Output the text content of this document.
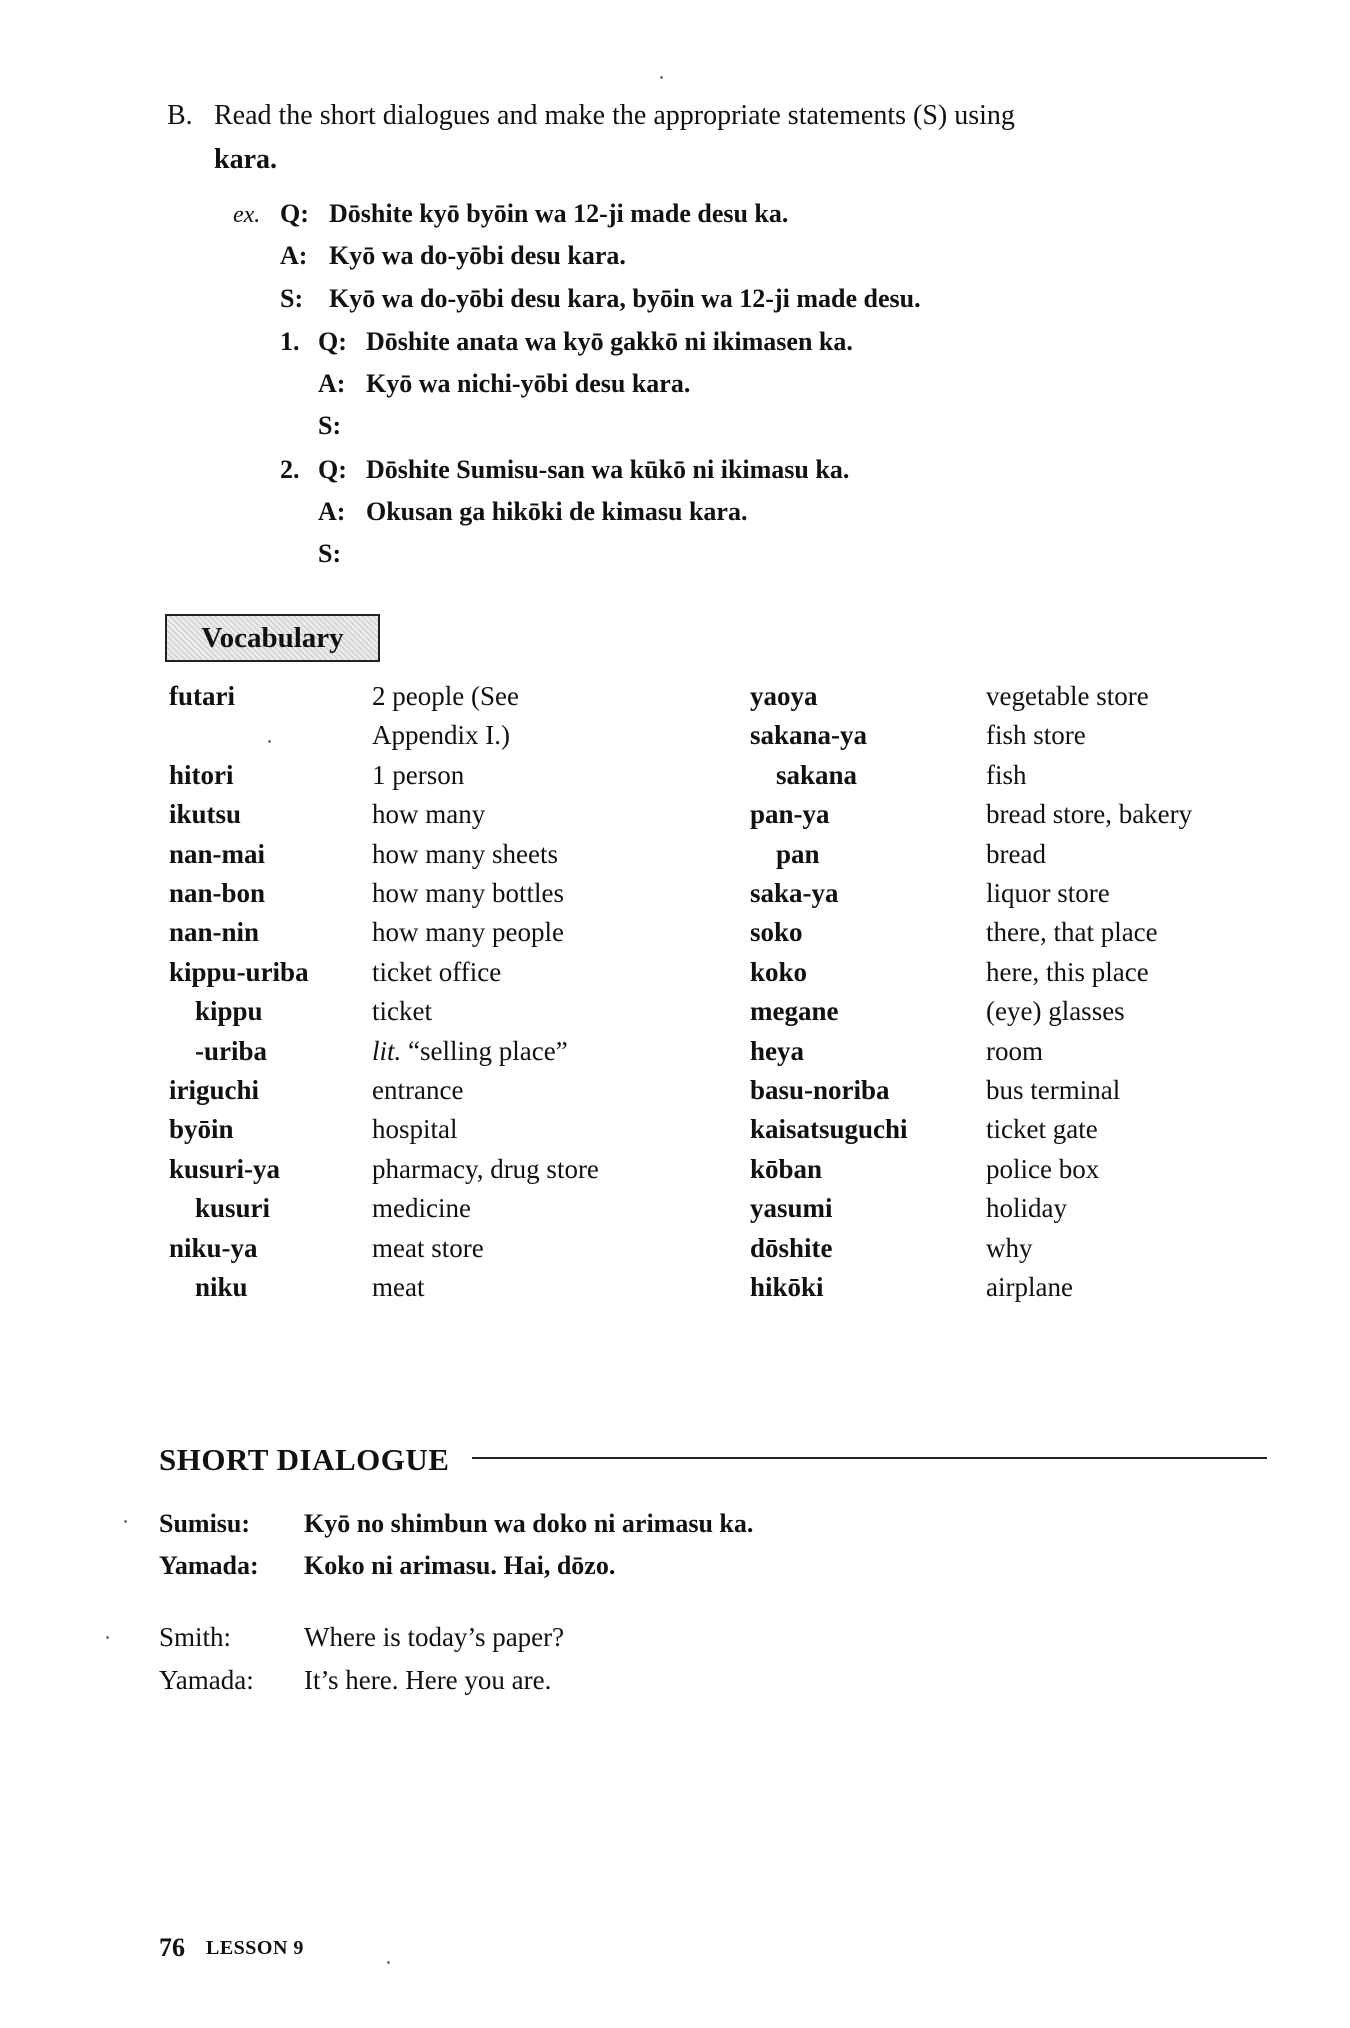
B. Read the short dialogues and make the appropriate statements (S) using
kara.
ex. Q: Dōshite kyō byōin wa 12-ji made desu ka.
A: Kyō wa do-yōbi desu kara.
S: Kyō wa do-yōbi desu kara, byōin wa 12-ji made desu.
1. Q: Dōshite anata wa kyō gakkō ni ikimasen ka.
A: Kyō wa nichi-yōbi desu kara.
S:
2. Q: Dōshite Sumisu-san wa kūkō ni ikimasu ka.
A: Okusan ga hikōki de kimasu kara.
S:
Vocabulary
futari	2 people (See
Appendix I.)
hitori	1 person
ikutsu	how many
nan-mai	how many sheets
nan-bon	how many bottles
nan-nin	how many people
kippu-uriba ticket office
kippu	ticket
-uriba	lit. “selling place”
iriguchi	entrance
byōin	hospital
kusuri-ya	pharmacy, drug store
kusuri	medicine
niku-ya	meat store
niku	meat
yaoya	vegetable store
sakana-ya	fish store
sakana	fish
pan-ya	bread store, bakery
pan	bread
saka-ya	liquor store
soko	there, that place
koko	here, this place
megane	(eye) glasses
heya	room
basu-noriba	bus terminal
kaisatsuguchi	ticket gate
kōban	police box
yasumi	holiday
dōshite	why
hikōki	airplane
SHORT DIALOGUE
Sumisu: Kyō no shimbun wa doko ni arimasu ka.
Yamada: Koko ni arimasu. Hai, dōzo.
Smith:	Where is today’s paper?
Yamada: It’s here. Here you are.
76 LESSON 9
